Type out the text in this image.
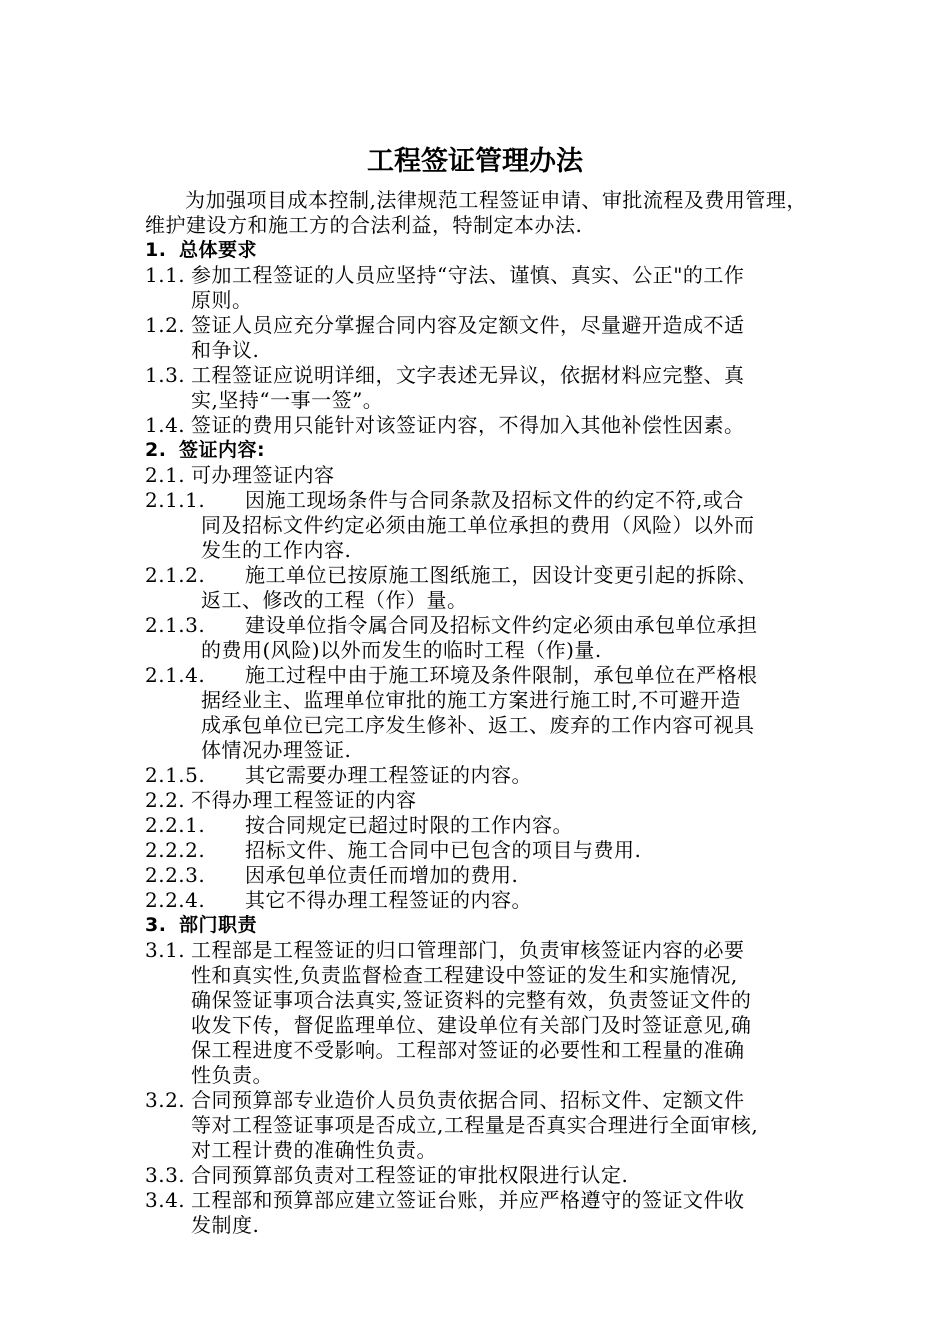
工程签证管理办法
为加强项目成本控制,法律规范工程签证申请、审批流程及费用管理，维护建设方和施工方的合法利益，特制定本办法.
1. 总体要求
1.1. 参加工程签证的人员应坚持“守法、谨慎、真实、公正"的工作
原则。
1.2. 签证人员应充分掌握合同内容及定额文件，尽量避开造成不适
和争议.
1.3. 工程签证应说明详细，文字表述无异议，依据材料应完整、真
实,坚持“一事一签”。
1.4. 签证的费用只能针对该签证内容，不得加入其他补偿性因素。
2. 签证内容:
2.1. 可办理签证内容
2.1.1. 因施工现场条件与合同条款及招标文件的约定不符,或合
同及招标文件约定必须由施工单位承担的费用（风险）以外而
发生的工作内容.
2.1.2. 施工单位已按原施工图纸施工，因设计变更引起的拆除、
返工、修改的工程（作）量。
2.1.3. 建设单位指令属合同及招标文件约定必须由承包单位承担
的费用(风险)以外而发生的临时工程（作)量.
2.1.4. 施工过程中由于施工环境及条件限制，承包单位在严格根
据经业主、监理单位审批的施工方案进行施工时,不可避开造
成承包单位已完工序发生修补、返工、废弃的工作内容可视具
体情况办理签证.
2.1.5. 其它需要办理工程签证的内容。
2.2. 不得办理工程签证的内容
2.2.1. 按合同规定已超过时限的工作内容。
2.2.2. 招标文件、施工合同中已包含的项目与费用.
2.2.3. 因承包单位责任而增加的费用.
2.2.4. 其它不得办理工程签证的内容。
3. 部门职责
3.1. 工程部是工程签证的归口管理部门，负责审核签证内容的必要
性和真实性,负责监督检查工程建设中签证的发生和实施情况,
确保签证事项合法真实,签证资料的完整有效，负责签证文件的
收发下传，督促监理单位、建设单位有关部门及时签证意见,确
保工程进度不受影响。工程部对签证的必要性和工程量的准确
性负责。
3.2. 合同预算部专业造价人员负责依据合同、招标文件、定额文件
等对工程签证事项是否成立,工程量是否真实合理进行全面审核,
对工程计费的准确性负责。
3.3. 合同预算部负责对工程签证的审批权限进行认定.
3.4. 工程部和预算部应建立签证台账，并应严格遵守的签证文件收
发制度.
